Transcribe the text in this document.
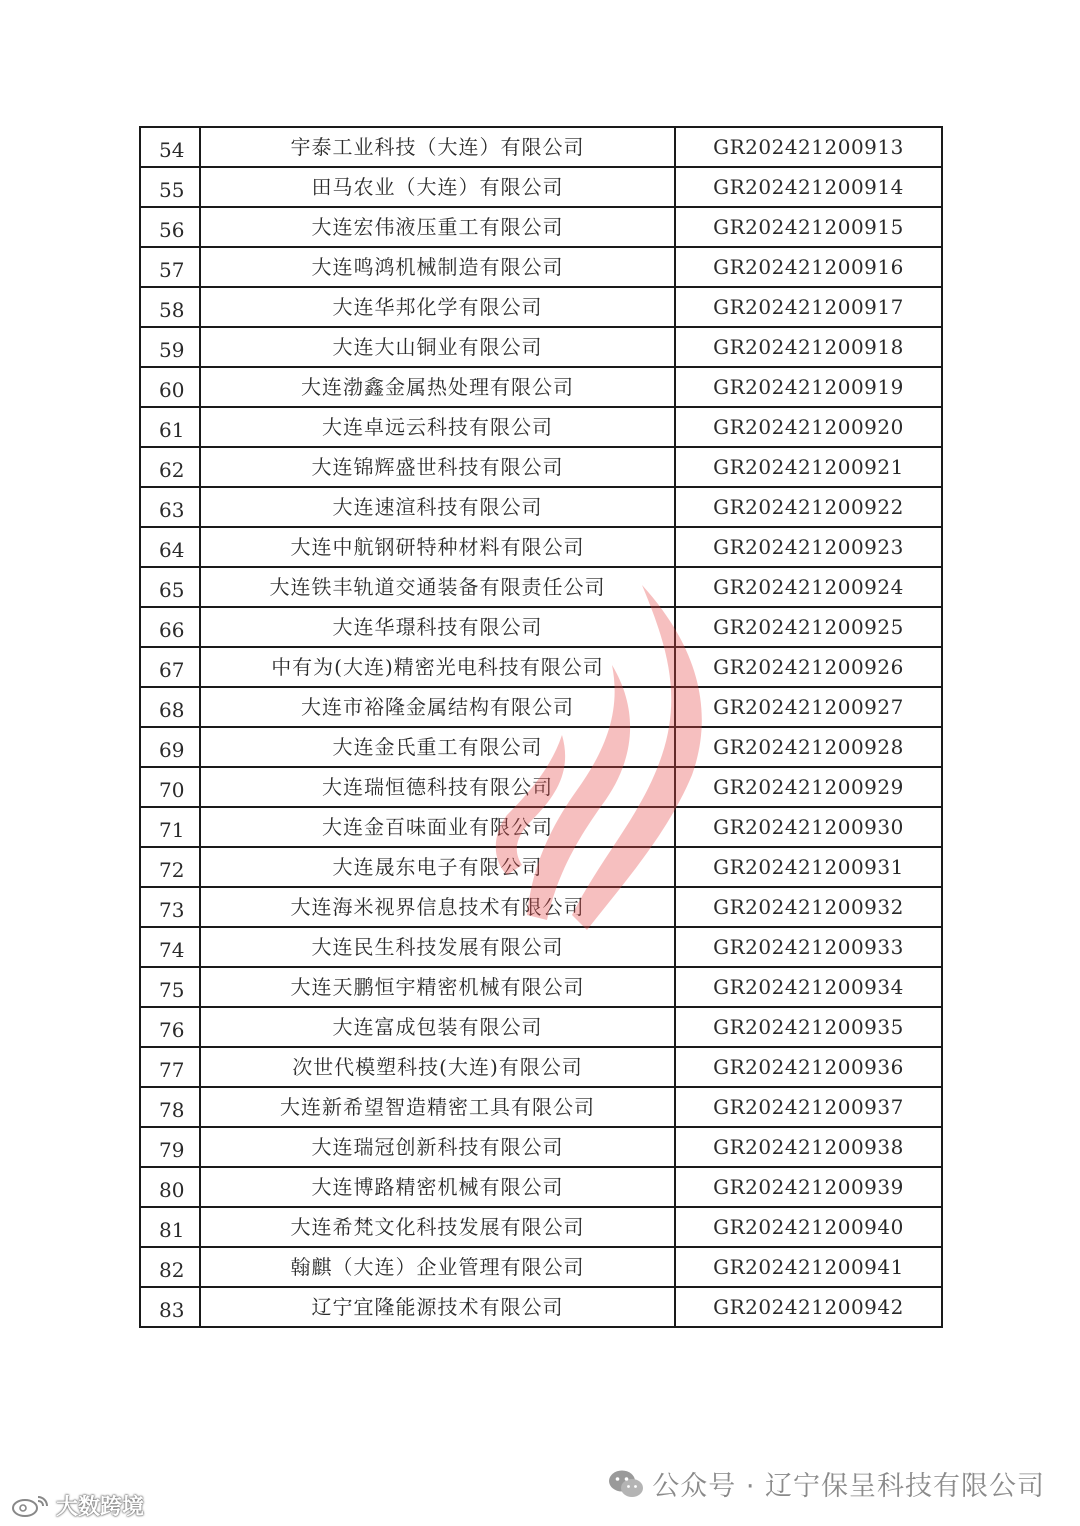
54	宇泰工业科技（大连）有限公司	GR202421200913
55	田马农业（大连）有限公司	GR202421200914
56	大连宏伟液压重工有限公司	GR202421200915
57	大连鸣鸿机械制造有限公司	GR202421200916
58	大连华邦化学有限公司	GR202421200917
59	大连大山铜业有限公司	GR202421200918
60	大连渤鑫金属热处理有限公司	GR202421200919
61	大连卓远云科技有限公司	GR202421200920
62	大连锦辉盛世科技有限公司	GR202421200921
63	大连速渲科技有限公司	GR202421200922
64	大连中航钢研特种材料有限公司	GR202421200923
65	大连铁丰轨道交通装备有限责任公司	GR202421200924
66	大连华璟科技有限公司	GR202421200925
67	中有为(大连)精密光电科技有限公司	GR202421200926
68	大连市裕隆金属结构有限公司	GR202421200927
69	大连金氏重工有限公司	GR202421200928
70	大连瑞恒德科技有限公司	GR202421200929
71	大连金百味面业有限公司	GR202421200930
72	大连晟东电子有限公司	GR202421200931
73	大连海米视界信息技术有限公司	GR202421200932
74	大连民生科技发展有限公司	GR202421200933
75	大连天鹏恒宇精密机械有限公司	GR202421200934
76	大连富成包装有限公司	GR202421200935
77	次世代模塑科技(大连)有限公司	GR202421200936
78	大连新希望智造精密工具有限公司	GR202421200937
79	大连瑞冠创新科技有限公司	GR202421200938
80	大连博路精密机械有限公司	GR202421200939
81	大连希梵文化科技发展有限公司	GR202421200940
82	翰麒（大连）企业管理有限公司	GR202421200941
83	辽宁宜隆能源技术有限公司	GR202421200942
公众号 · 辽宁保呈科技有限公司
大数跨境
